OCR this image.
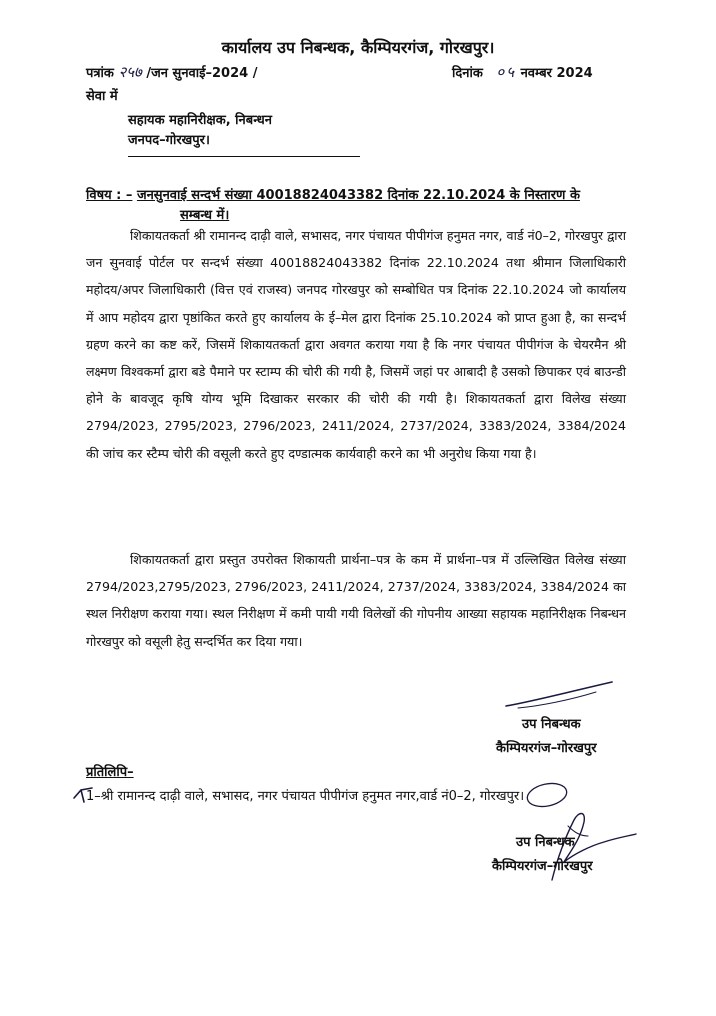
कार्यालय उप निबन्धक, कैम्पियरगंज, गोरखपुर।
पत्रांक २५७ /जन सुनवाई–2024 /	दिनांक ०५ नवम्बर 2024
सेवा में
सहायक महानिरीक्षक, निबन्धन
जनपद–गोरखपुर।
विषय : – जनसुनवाई सन्दर्भ संख्या 40018824043382 दिनांक 22.10.2024 के निस्तारण के
सम्बन्ध में।
शिकायतकर्ता श्री रामानन्द दाढ़ी वाले, सभासद, नगर पंचायत पीपीगंज हनुमत नगर, वार्ड नं0–2, गोरखपुर द्वारा जन सुनवाई पोर्टल पर सन्दर्भ संख्या 40018824043382 दिनांक 22.10.2024 तथा श्रीमान जिलाधिकारी महोदय/अपर जिलाधिकारी (वित्त एवं राजस्व) जनपद गोरखपुर को सम्बोधित पत्र दिनांक 22.10.2024 जो कार्यालय में आप महोदय द्वारा पृष्ठांकित करते हुए कार्यालय के ई–मेल द्वारा दिनांक 25.10.2024 को प्राप्त हुआ है, का सन्दर्भ ग्रहण करने का कष्ट करें, जिसमें शिकायतकर्ता द्वारा अवगत कराया गया है कि नगर पंचायत पीपीगंज के चेयरमैन श्री लक्ष्मण विश्वकर्मा द्वारा बडे पैमाने पर स्टाम्प की चोरी की गयी है, जिसमें जहां पर आबादी है उसको छिपाकर एवं बाउन्डी होने के बावजूद कृषि योग्य भूमि दिखाकर सरकार की चोरी की गयी है। शिकायतकर्ता द्वारा विलेख संख्या 2794/2023, 2795/2023, 2796/2023, 2411/2024, 2737/2024, 3383/2024, 3384/2024 की जांच कर स्टैम्प चोरी की वसूली करते हुए दण्डात्मक कार्यवाही करने का भी अनुरोध किया गया है।
शिकायतकर्ता द्वारा प्रस्तुत उपरोक्त शिकायती प्रार्थना–पत्र के कम में प्रार्थना–पत्र में उल्लिखित विलेख संख्या 2794/2023,2795/2023, 2796/2023, 2411/2024, 2737/2024, 3383/2024, 3384/2024 का स्थल निरीक्षण कराया गया। स्थल निरीक्षण में कमी पायी गयी विलेखों की गोपनीय आख्या सहायक महानिरीक्षक निबन्धन गोरखपुर को वसूली हेतु सन्दर्भित कर दिया गया।
उप निबन्धक
कैम्पियरगंज–गोरखपुर
प्रतिलिपि–
1–श्री रामानन्द दाढ़ी वाले, सभासद, नगर पंचायत पीपीगंज हनुमत नगर,वार्ड नं0–2, गोरखपुर।
उप निबन्धक
कैम्पियरगंज–गोरखपुर
